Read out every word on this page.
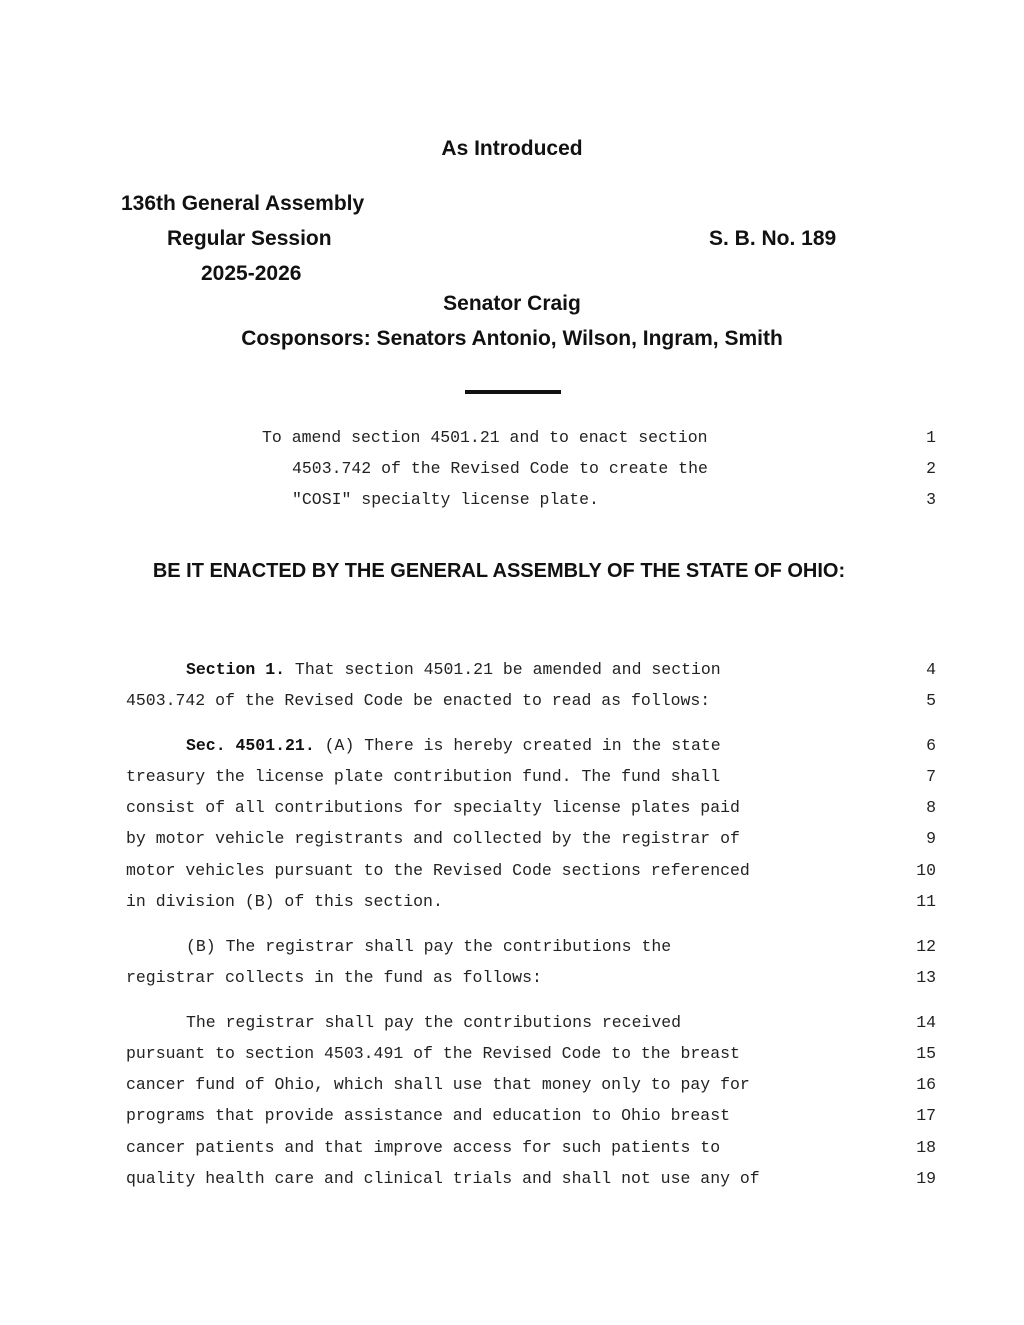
As Introduced
136th General Assembly
Regular Session	S. B. No. 189
2025-2026
Senator Craig
Cosponsors: Senators Antonio, Wilson, Ingram, Smith
To amend section 4501.21 and to enact section	1
4503.742 of the Revised Code to create the	2
"COSI" specialty license plate.	3
BE IT ENACTED BY THE GENERAL ASSEMBLY OF THE STATE OF OHIO:
Section 1. That section 4501.21 be amended and section	4
4503.742 of the Revised Code be enacted to read as follows:	5
Sec. 4501.21. (A) There is hereby created in the state	6
treasury the license plate contribution fund. The fund shall	7
consist of all contributions for specialty license plates paid	8
by motor vehicle registrants and collected by the registrar of	9
motor vehicles pursuant to the Revised Code sections referenced	10
in division (B) of this section.	11
(B) The registrar shall pay the contributions the	12
registrar collects in the fund as follows:	13
The registrar shall pay the contributions received	14
pursuant to section 4503.491 of the Revised Code to the breast	15
cancer fund of Ohio, which shall use that money only to pay for	16
programs that provide assistance and education to Ohio breast	17
cancer patients and that improve access for such patients to	18
quality health care and clinical trials and shall not use any of	19
